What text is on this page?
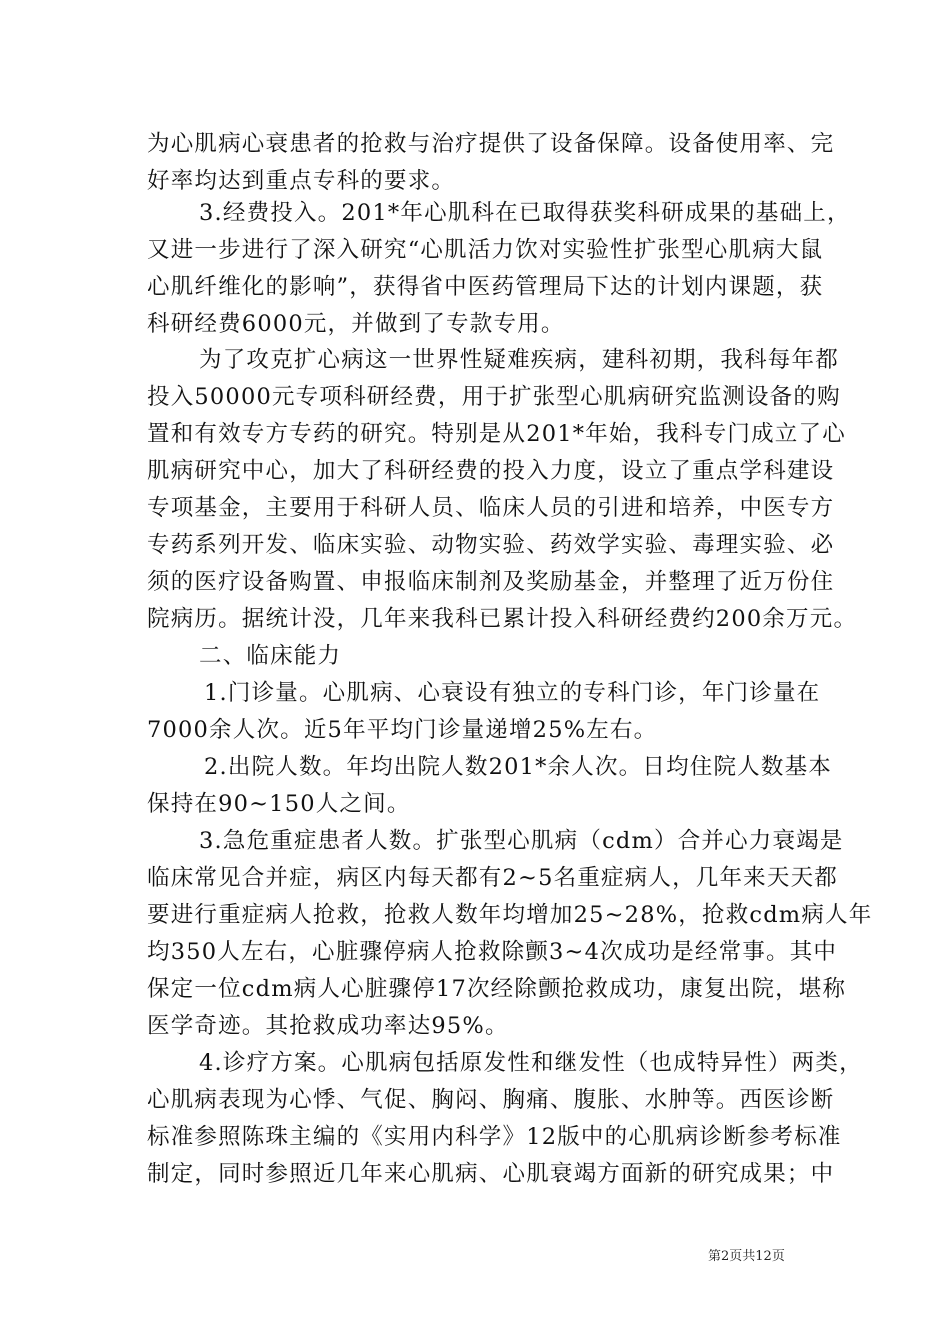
为心肌病心衰患者的抢救与治疗提供了设备保障。设备使用率、完
好率均达到重点专科的要求。
3.经费投入。201*年心肌科在已取得获奖科研成果的基础上，
又进一步进行了深入研究“心肌活力饮对实验性扩张型心肌病大鼠
心肌纤维化的影响”，获得省中医药管理局下达的计划内课题，获
科研经费6000元，并做到了专款专用。
为了攻克扩心病这一世界性疑难疾病，建科初期，我科每年都
投入50000元专项科研经费，用于扩张型心肌病研究监测设备的购
置和有效专方专药的研究。特别是从201*年始，我科专门成立了心
肌病研究中心，加大了科研经费的投入力度，设立了重点学科建设
专项基金，主要用于科研人员、临床人员的引进和培养，中医专方
专药系列开发、临床实验、动物实验、药效学实验、毒理实验、必
须的医疗设备购置、申报临床制剂及奖励基金，并整理了近万份住
院病历。据统计没，几年来我科已累计投入科研经费约200余万元。
二、临床能力
1.门诊量。心肌病、心衰设有独立的专科门诊，年门诊量在
7000余人次。近5年平均门诊量递增25%左右。
2.出院人数。年均出院人数201*余人次。日均住院人数基本
保持在90~150人之间。
3.急危重症患者人数。扩张型心肌病（cdm）合并心力衰竭是
临床常见合并症，病区内每天都有2~5名重症病人，几年来天天都
要进行重症病人抢救，抢救人数年均增加25~28%，抢救cdm病人年
均350人左右，心脏骤停病人抢救除颤3~4次成功是经常事。其中
保定一位cdm病人心脏骤停17次经除颤抢救成功，康复出院，堪称
医学奇迹。其抢救成功率达95%。
4.诊疗方案。心肌病包括原发性和继发性（也成特异性）两类，
心肌病表现为心悸、气促、胸闷、胸痛、腹胀、水肿等。西医诊断
标准参照陈珠主编的《实用内科学》12版中的心肌病诊断参考标准
制定，同时参照近几年来心肌病、心肌衰竭方面新的研究成果；中
第2页共12页
